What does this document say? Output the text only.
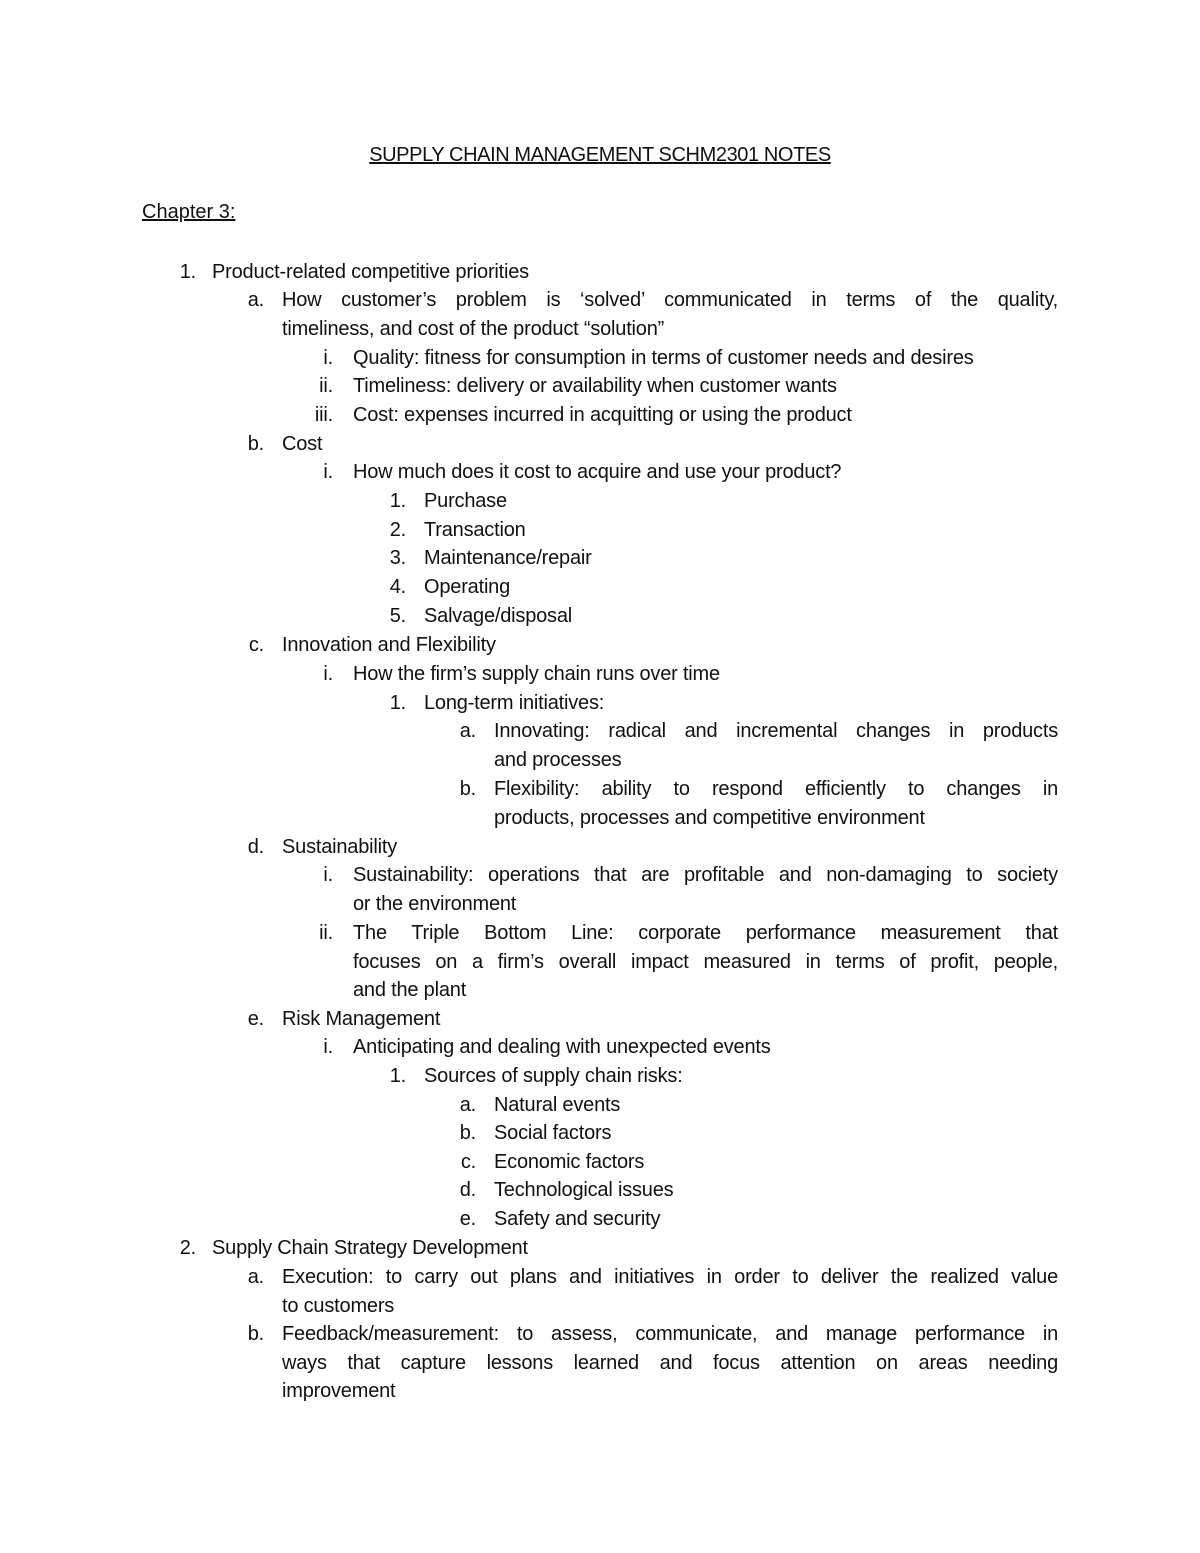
SUPPLY CHAIN MANAGEMENT SCHM2301 NOTES
Chapter 3:
1. Product-related competitive priorities
a. How customer’s problem is ‘solved’ communicated in terms of the quality,
timeliness, and cost of the product “solution”
i. Quality: fitness for consumption in terms of customer needs and desires
ii. Timeliness: delivery or availability when customer wants
iii. Cost: expenses incurred in acquitting or using the product
b. Cost
i. How much does it cost to acquire and use your product?
1. Purchase
2. Transaction
3. Maintenance/repair
4. Operating
5. Salvage/disposal
c. Innovation and Flexibility
i. How the firm’s supply chain runs over time
1. Long-term initiatives:
a. Innovating: radical and incremental changes in products
and processes
b. Flexibility: ability to respond efficiently to changes in
products, processes and competitive environment
d. Sustainability
i. Sustainability: operations that are profitable and non-damaging to society
or the environment
ii. The Triple Bottom Line: corporate performance measurement that
focuses on a firm’s overall impact measured in terms of profit, people,
and the plant
e. Risk Management
i. Anticipating and dealing with unexpected events
1. Sources of supply chain risks:
a. Natural events
b. Social factors
c. Economic factors
d. Technological issues
e. Safety and security
2. Supply Chain Strategy Development
a. Execution: to carry out plans and initiatives in order to deliver the realized value
to customers
b. Feedback/measurement: to assess, communicate, and manage performance in
ways that capture lessons learned and focus attention on areas needing
improvement
